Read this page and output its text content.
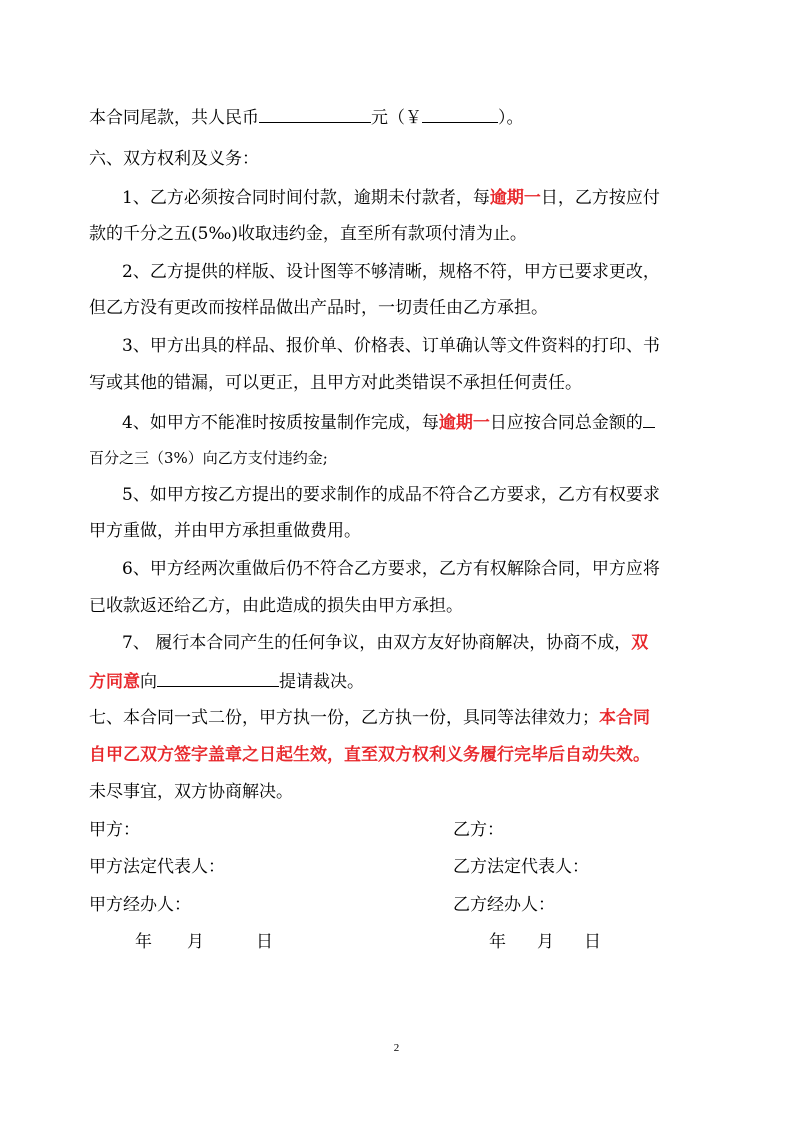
本合同尾款，共人民币	元（￥	）。
六、双方权利及义务：
1、乙方必须按合同时间付款，逾期未付款者，每逾期一日，乙方按应付
款的千分之五(5‰)收取违约金，直至所有款项付清为止。
2、乙方提供的样版、设计图等不够清晰，规格不符，甲方已要求更改，
但乙方没有更改而按样品做出产品时，一切责任由乙方承担。
3、甲方出具的样品、报价单、价格表、订单确认等文件资料的打印、书
写或其他的错漏，可以更正，且甲方对此类错误不承担任何责任。
4、如甲方不能准时按质按量制作完成，每逾期一日应按合同总金额的
百分之三（3%）向乙方支付违约金;
5、如甲方按乙方提出的要求制作的成品不符合乙方要求，乙方有权要求
甲方重做，并由甲方承担重做费用。
6、甲方经两次重做后仍不符合乙方要求，乙方有权解除合同，甲方应将
已收款返还给乙方，由此造成的损失由甲方承担。
7、 履行本合同产生的任何争议，由双方友好协商解决，协商不成，双
方同意向	提请裁决。
七、本合同一式二份，甲方执一份，乙方执一份，具同等法律效力；本合同
自甲乙双方签字盖章之日起生效，直至双方权利义务履行完毕后自动失效。
未尽事宜，双方协商解决。
甲方：	乙方：
甲方法定代表人：	乙方法定代表人：
甲方经办人：	乙方经办人：
年 月	日	年 月 日
2
